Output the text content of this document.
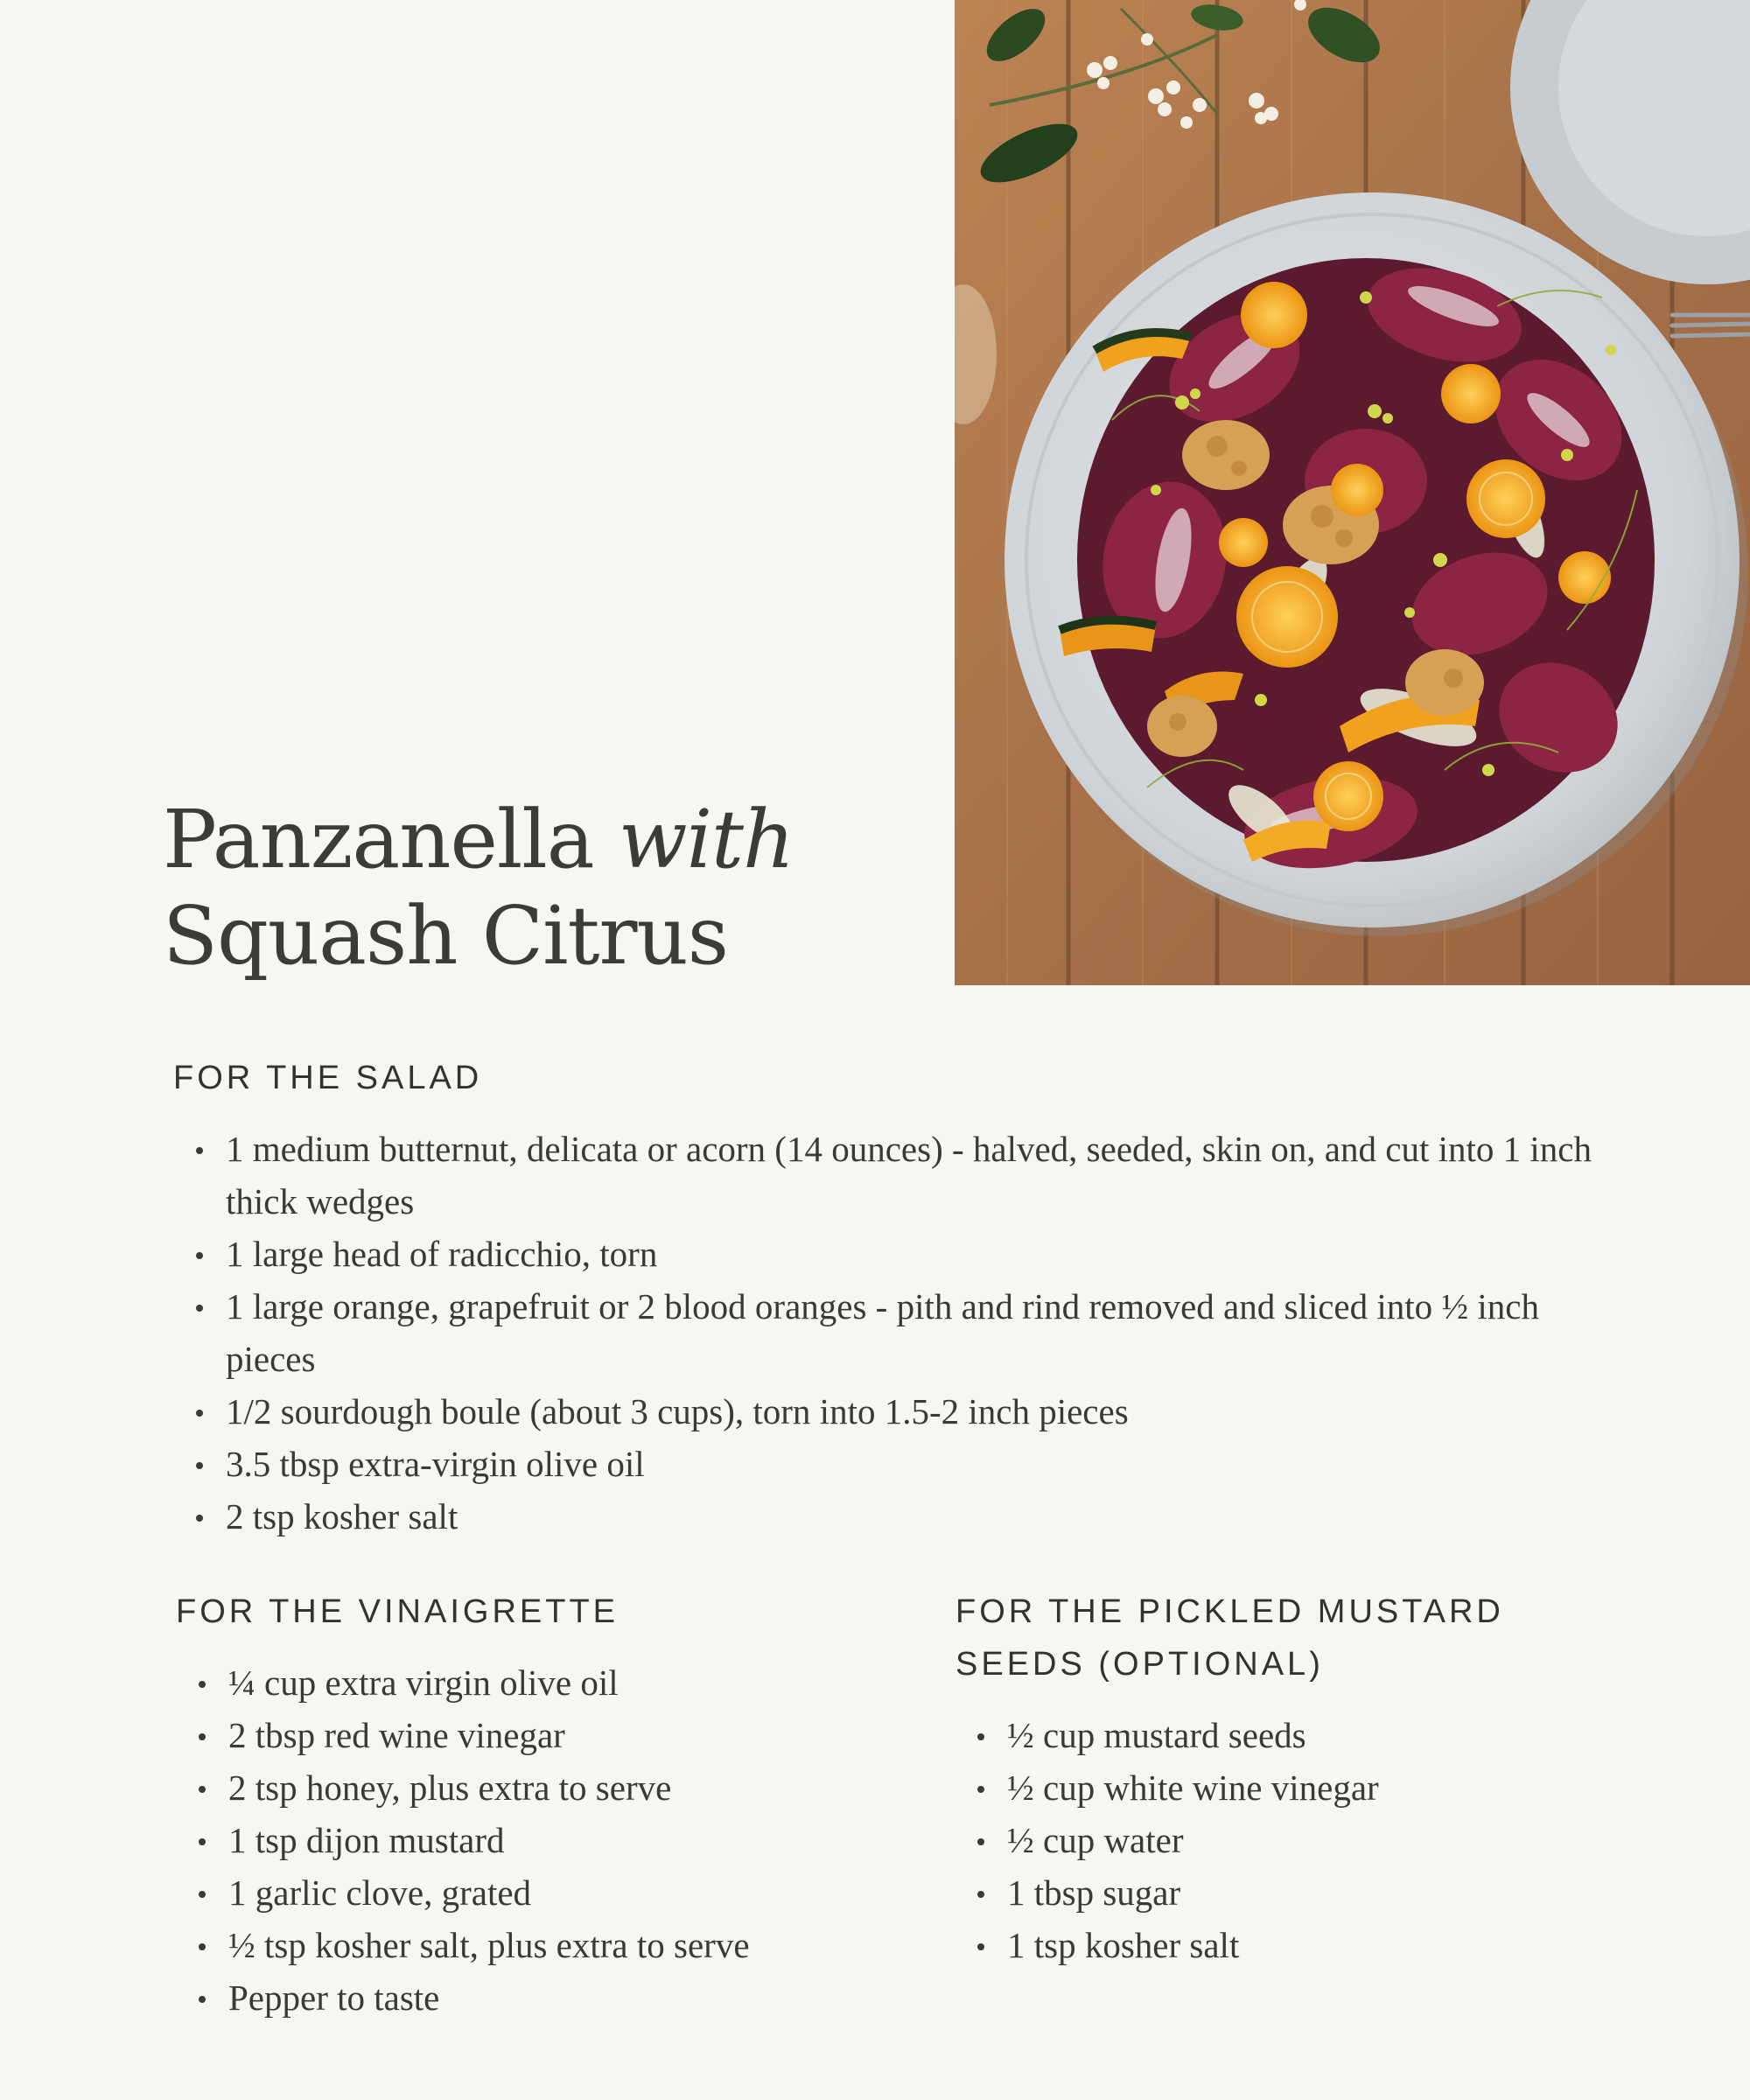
Panzanella with
Squash Citrus
FOR THE SALAD
1 medium butternut, delicata or acorn (14 ounces) - halved, seeded, skin on, and cut into 1 inch thick wedges
1 large head of radicchio, torn
1 large orange, grapefruit or 2 blood oranges - pith and rind removed and sliced into ½ inch pieces
1/2 sourdough boule (about 3 cups), torn into 1.5-2 inch pieces
3.5 tbsp extra-virgin olive oil
2 tsp kosher salt
FOR THE VINAIGRETTE
¼ cup extra virgin olive oil
2 tbsp red wine vinegar
2 tsp honey, plus extra to serve
1 tsp dijon mustard
1 garlic clove, grated
½ tsp kosher salt, plus extra to serve
Pepper to taste
FOR THE PICKLED MUSTARD
SEEDS (OPTIONAL)
½ cup mustard seeds
½ cup white wine vinegar
½ cup water
1 tbsp sugar
1 tsp kosher salt
